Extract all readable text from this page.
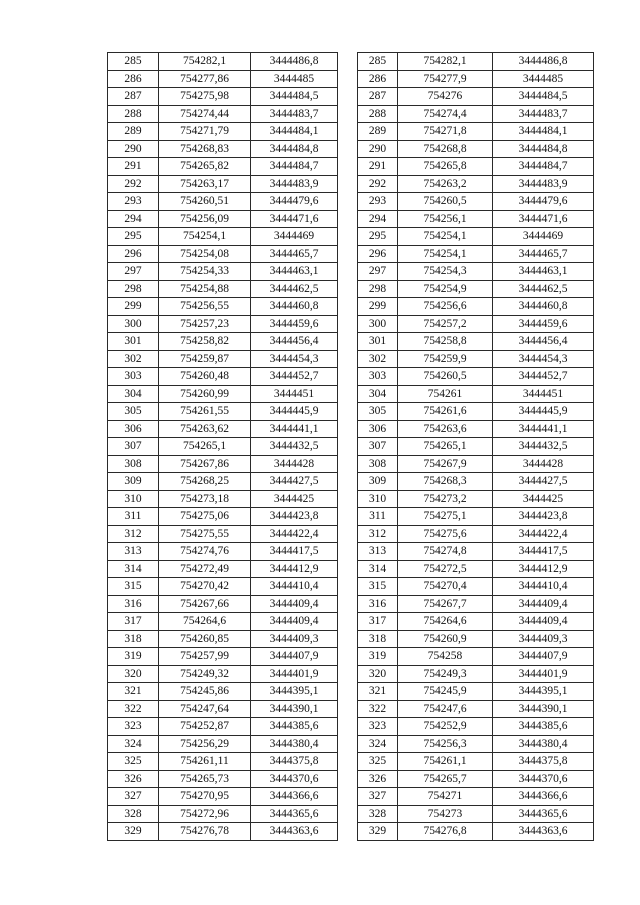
285	754282,1	3444486,8
286	754277,86	3444485
287	754275,98	3444484,5
288	754274,44	3444483,7
289	754271,79	3444484,1
290	754268,83	3444484,8
291	754265,82	3444484,7
292	754263,17	3444483,9
293	754260,51	3444479,6
294	754256,09	3444471,6
295	754254,1	3444469
296	754254,08	3444465,7
297	754254,33	3444463,1
298	754254,88	3444462,5
299	754256,55	3444460,8
300	754257,23	3444459,6
301	754258,82	3444456,4
302	754259,87	3444454,3
303	754260,48	3444452,7
304	754260,99	3444451
305	754261,55	3444445,9
306	754263,62	3444441,1
307	754265,1	3444432,5
308	754267,86	3444428
309	754268,25	3444427,5
310	754273,18	3444425
311	754275,06	3444423,8
312	754275,55	3444422,4
313	754274,76	3444417,5
314	754272,49	3444412,9
315	754270,42	3444410,4
316	754267,66	3444409,4
317	754264,6	3444409,4
318	754260,85	3444409,3
319	754257,99	3444407,9
320	754249,32	3444401,9
321	754245,86	3444395,1
322	754247,64	3444390,1
323	754252,87	3444385,6
324	754256,29	3444380,4
325	754261,11	3444375,8
326	754265,73	3444370,6
327	754270,95	3444366,6
328	754272,96	3444365,6
329	754276,78	3444363,6
285	754282,1	3444486,8
286	754277,9	3444485
287	754276	3444484,5
288	754274,4	3444483,7
289	754271,8	3444484,1
290	754268,8	3444484,8
291	754265,8	3444484,7
292	754263,2	3444483,9
293	754260,5	3444479,6
294	754256,1	3444471,6
295	754254,1	3444469
296	754254,1	3444465,7
297	754254,3	3444463,1
298	754254,9	3444462,5
299	754256,6	3444460,8
300	754257,2	3444459,6
301	754258,8	3444456,4
302	754259,9	3444454,3
303	754260,5	3444452,7
304	754261	3444451
305	754261,6	3444445,9
306	754263,6	3444441,1
307	754265,1	3444432,5
308	754267,9	3444428
309	754268,3	3444427,5
310	754273,2	3444425
311	754275,1	3444423,8
312	754275,6	3444422,4
313	754274,8	3444417,5
314	754272,5	3444412,9
315	754270,4	3444410,4
316	754267,7	3444409,4
317	754264,6	3444409,4
318	754260,9	3444409,3
319	754258	3444407,9
320	754249,3	3444401,9
321	754245,9	3444395,1
322	754247,6	3444390,1
323	754252,9	3444385,6
324	754256,3	3444380,4
325	754261,1	3444375,8
326	754265,7	3444370,6
327	754271	3444366,6
328	754273	3444365,6
329	754276,8	3444363,6
